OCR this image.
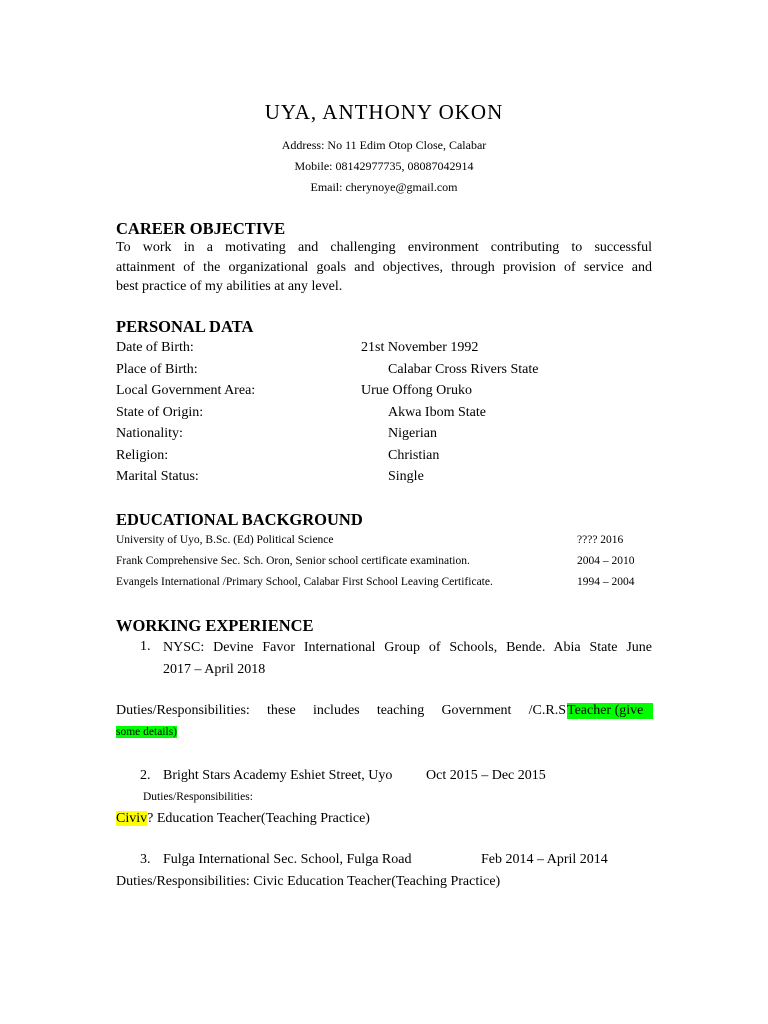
UYA, ANTHONY OKON
Address: No 11 Edim Otop Close, Calabar
Mobile: 08142977735, 08087042914
Email: cherynoye@gmail.com
CAREER OBJECTIVE
To work in a motivating and challenging environment contributing to successful
attainment of the organizational goals and objectives, through provision of service and
best practice of my abilities at any level.
PERSONAL DATA
Date of Birth:	21st November 1992
Place of Birth:	Calabar Cross Rivers State
Local Government Area:	Urue Offong Oruko
State of Origin:	Akwa Ibom State
Nationality:	Nigerian
Religion:	Christian
Marital Status:	Single
EDUCATIONAL BACKGROUND
University of Uyo, B.Sc. (Ed) Political Science	???? 2016
Frank Comprehensive Sec. Sch. Oron, Senior school certificate examination.	2004 – 2010
Evangels International /Primary School, Calabar First School Leaving Certificate.	1994 – 2004
WORKING EXPERIENCE
1. NYSC: Devine Favor International Group of Schools, Bende. Abia State June
2017 – April 2018
Duties/Responsibilities: these includes teaching Government /C.R.S Teacher (give
some details)
2. Bright Stars Academy Eshiet Street, Uyo Oct 2015 – Dec 2015
Duties/Responsibilities:
Civiv? Education Teacher(Teaching Practice)
3. Fulga International Sec. School, Fulga Road	Feb 2014 – April 2014
Duties/Responsibilities: Civic Education Teacher(Teaching Practice)
